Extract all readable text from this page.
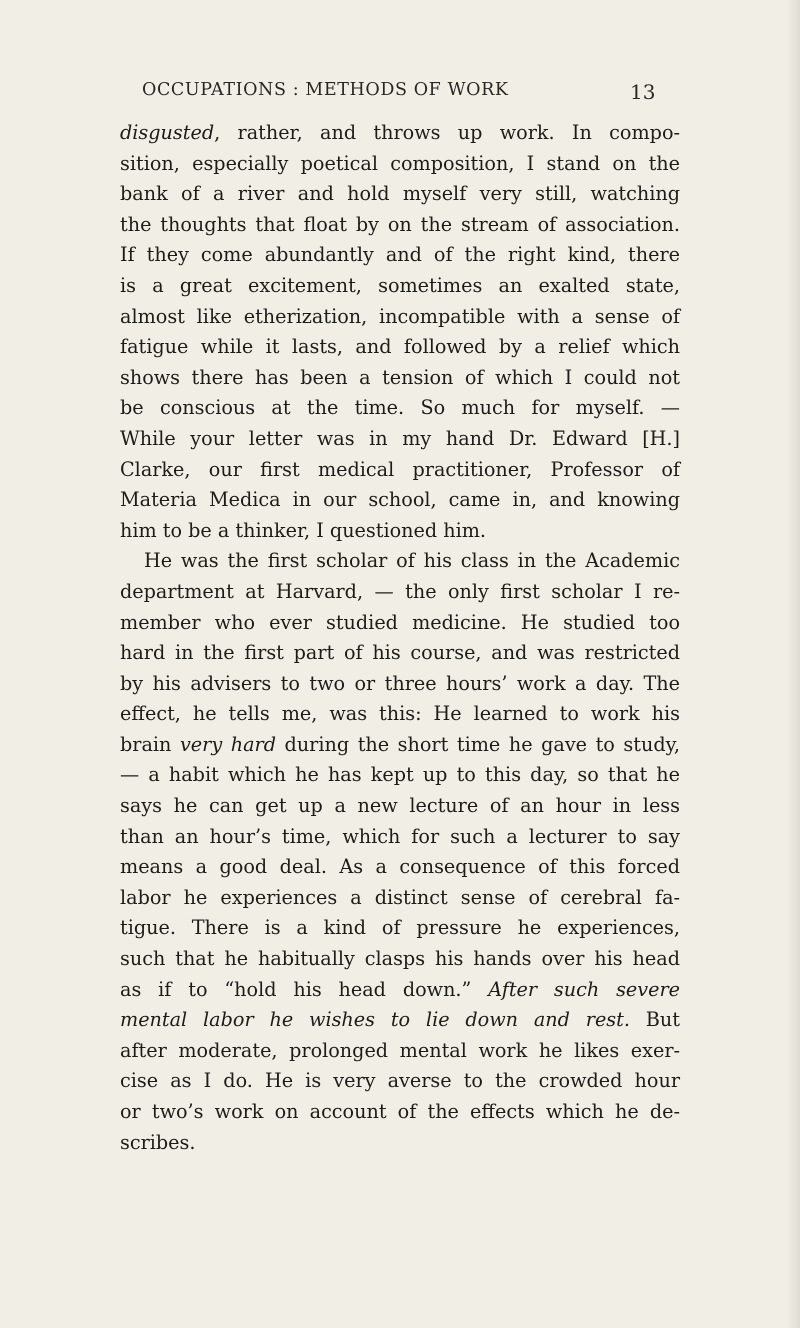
OCCUPATIONS : METHODS OF WORK	13
disgusted, rather, and throws up work. In compo-
sition, especially poetical composition, I stand on the
bank of a river and hold myself very still, watching
the thoughts that float by on the stream of association.
If they come abundantly and of the right kind, there
is a great excitement, sometimes an exalted state,
almost like etherization, incompatible with a sense of
fatigue while it lasts, and followed by a relief which
shows there has been a tension of which I could not
be conscious at the time. So much for myself. —
While your letter was in my hand Dr. Edward [H.]
Clarke, our first medical practitioner, Professor of
Materia Medica in our school, came in, and knowing
him to be a thinker, I questioned him.
He was the first scholar of his class in the Academic
department at Harvard, — the only first scholar I re-
member who ever studied medicine. He studied too
hard in the first part of his course, and was restricted
by his advisers to two or three hours’ work a day. The
effect, he tells me, was this: He learned to work his
brain very hard during the short time he gave to study,
— a habit which he has kept up to this day, so that he
says he can get up a new lecture of an hour in less
than an hour’s time, which for such a lecturer to say
means a good deal. As a consequence of this forced
labor he experiences a distinct sense of cerebral fa-
tigue. There is a kind of pressure he experiences,
such that he habitually clasps his hands over his head
as if to “hold his head down.” After such severe
mental labor he wishes to lie down and rest. But
after moderate, prolonged mental work he likes exer-
cise as I do. He is very averse to the crowded hour
or two’s work on account of the effects which he de-
scribes.
